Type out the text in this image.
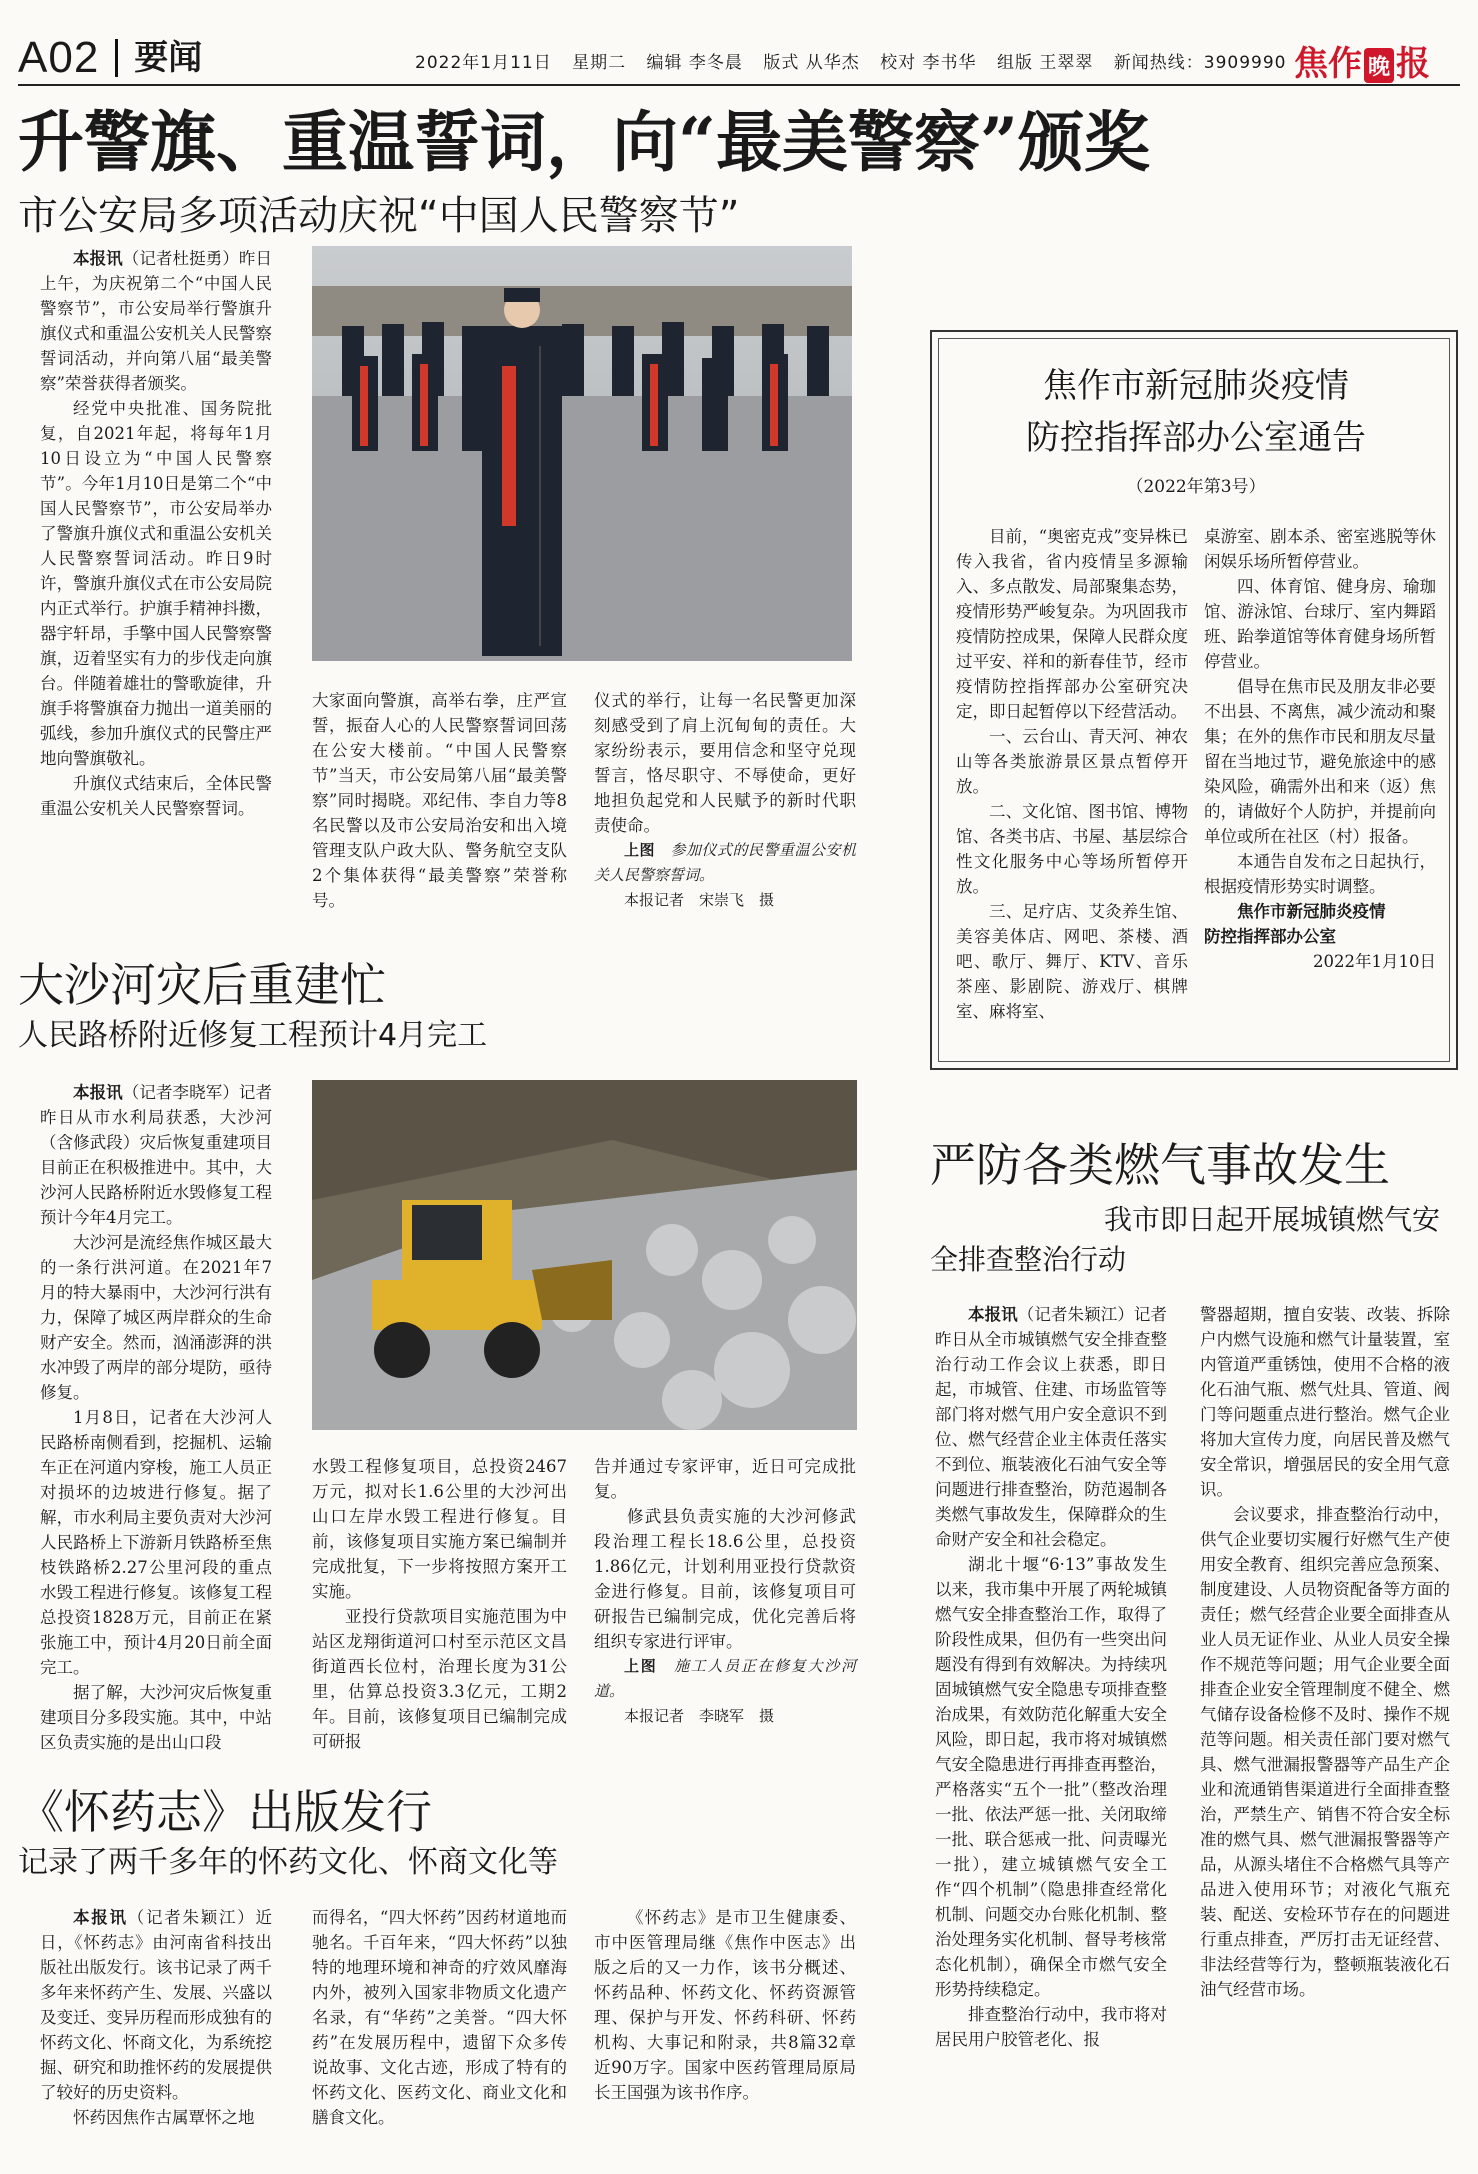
A02	要闻	2022年1月11日 星期二 编辑 李冬晨 版式 从华杰 校对 李书华 组版 王翠翠 新闻热线：3909990 焦作 晚 报
升警旗、重温誓词，向“最美警察”颁奖
市公安局多项活动庆祝“中国人民警察节”

本报讯（记者杜挺勇）昨日上午，为庆祝第二个“中国人民警察节”，市公安局举行警旗升旗仪式和重温公安机关人民警察誓词活动，并向第八届“最美警察”荣誉获得者颁奖。

经党中央批准、国务院批复，自2021年起，将每年1月10日设立为“中国人民警察节”。今年1月10日是第二个“中国人民警察节”，市公安局举办了警旗升旗仪式和重温公安机关人民警察誓词活动。昨日9时许，警旗升旗仪式在市公安局院内正式举行。护旗手精神抖擞，器宇轩昂，手擎中国人民警察警旗，迈着坚实有力的步伐走向旗台。伴随着雄壮的警歌旋律，升旗手将警旗奋力抛出一道美丽的弧线，参加升旗仪式的民警庄严地向警旗敬礼。

升旗仪式结束后，全体民警重温公安机关人民警察誓词。

大家面向警旗，高举右拳，庄严宣誓，振奋人心的人民警察誓词回荡在公安大楼前。“中国人民警察节”当天，市公安局第八届“最美警察”同时揭晓。邓纪伟、李自力等8名民警以及市公安局治安和出入境管理支队户政大队、警务航空支队2个集体获得“最美警察”荣誉称号。

仪式的举行，让每一名民警更加深刻感受到了肩上沉甸甸的责任。大家纷纷表示，要用信念和坚守兑现誓言，恪尽职守、不辱使命，更好地担负起党和人民赋予的新时代职责使命。

上图　 参加仪式的民警重温公安机关人民警察誓词。

本报记者　宋崇飞　摄

焦作市新冠肺炎疫情
防控指挥部办公室通告
（2022年第3号）

目前，“奥密克戎”变异株已传入我省，省内疫情呈多源输入、多点散发、局部聚集态势，疫情形势严峻复杂。为巩固我市疫情防控成果，保障人民群众度过平安、祥和的新春佳节，经市疫情防控指挥部办公室研究决定，即日起暂停以下经营活动。

一、云台山、青天河、神农山等各类旅游景区景点暂停开放。

二、文化馆、图书馆、博物馆、各类书店、书屋、基层综合性文化服务中心等场所暂停开放。

三、足疗店、艾灸养生馆、美容美体店、网吧、茶楼、酒吧、歌厅、舞厅、KTV、音乐茶座、影剧院、游戏厅、棋牌室、麻将室、

桌游室、剧本杀、密室逃脱等休闲娱乐场所暂停营业。

四、体育馆、健身房、瑜珈馆、游泳馆、台球厅、室内舞蹈班、跆拳道馆等体育健身场所暂停营业。

倡导在焦市民及朋友非必要不出县、不离焦，减少流动和聚集；在外的焦作市民和朋友尽量留在当地过节，避免旅途中的感染风险，确需外出和来（返）焦的，请做好个人防护，并提前向单位或所在社区（村）报备。

本通告自发布之日起执行，根据疫情形势实时调整。

焦作市新冠肺炎疫情

防控指挥部办公室

2022年1月10日

大沙河灾后重建忙
人民路桥附近修复工程预计4月完工

本报讯（记者李晓军）记者昨日从市水利局获悉，大沙河（含修武段）灾后恢复重建项目目前正在积极推进中。其中，大沙河人民路桥附近水毁修复工程预计今年4月完工。

大沙河是流经焦作城区最大的一条行洪河道。在2021年7月的特大暴雨中，大沙河行洪有力，保障了城区两岸群众的生命财产安全。然而，汹涌澎湃的洪水冲毁了两岸的部分堤防，亟待修复。

1月8日，记者在大沙河人民路桥南侧看到，挖掘机、运输车正在河道内穿梭，施工人员正对损坏的边坡进行修复。据了解，市水利局主要负责对大沙河人民路桥上下游新月铁路桥至焦枝铁路桥2.27公里河段的重点水毁工程进行修复。该修复工程总投资1828万元，目前正在紧张施工中，预计4月20日前全面完工。

据了解，大沙河灾后恢复重建项目分多段实施。其中，中站区负责实施的是出山口段

水毁工程修复项目，总投资2467万元，拟对长1.6公里的大沙河出山口左岸水毁工程进行修复。目前，该修复项目实施方案已编制并完成批复，下一步将按照方案开工实施。

亚投行贷款项目实施范围为中站区龙翔街道河口村至示范区文昌街道西长位村，治理长度为31公里，估算总投资3.3亿元，工期2年。目前，该修复项目已编制完成可研报

告并通过专家评审，近日可完成批复。

修武县负责实施的大沙河修武段治理工程长18.6公里，总投资1.86亿元，计划利用亚投行贷款资金进行修复。目前，该修复项目可研报告已编制完成，优化完善后将组织专家进行评审。

上图　 施工人员正在修复大沙河道。

本报记者　李晓军　摄

严防各类燃气事故发生
我市即日起开展城镇燃气安
全排查整治行动

本报讯（记者朱颖江）记者昨日从全市城镇燃气安全排查整治行动工作会议上获悉，即日起，市城管、住建、市场监管等部门将对燃气用户安全意识不到位、燃气经营企业主体责任落实不到位、瓶装液化石油气安全等问题进行排查整治，防范遏制各类燃气事故发生，保障群众的生命财产安全和社会稳定。

湖北十堰“6·13”事故发生以来，我市集中开展了两轮城镇燃气安全排查整治工作，取得了阶段性成果，但仍有一些突出问题没有得到有效解决。为持续巩固城镇燃气安全隐患专项排查整治成果，有效防范化解重大安全风险，即日起，我市将对城镇燃气安全隐患进行再排查再整治，严格落实“五个一批”（整改治理一批、依法严惩一批、关闭取缔一批、联合惩戒一批、问责曝光一批），建立城镇燃气安全工作“四个机制”（隐患排查经常化机制、问题交办台账化机制、整治处理务实化机制、督导考核常态化机制），确保全市燃气安全形势持续稳定。

排查整治行动中，我市将对居民用户胶管老化、报

警器超期，擅自安装、改装、拆除户内燃气设施和燃气计量装置，室内管道严重锈蚀，使用不合格的液化石油气瓶、燃气灶具、管道、阀门等问题重点进行整治。燃气企业将加大宣传力度，向居民普及燃气安全常识，增强居民的安全用气意识。

会议要求，排查整治行动中，供气企业要切实履行好燃气生产使用安全教育、组织完善应急预案、制度建设、人员物资配备等方面的责任；燃气经营企业要全面排查从业人员无证作业、从业人员安全操作不规范等问题；用气企业要全面排查企业安全管理制度不健全、燃气储存设备检修不及时、操作不规范等问题。相关责任部门要对燃气具、燃气泄漏报警器等产品生产企业和流通销售渠道进行全面排查整治，严禁生产、销售不符合安全标准的燃气具、燃气泄漏报警器等产品，从源头堵住不合格燃气具等产品进入使用环节；对液化气瓶充装、配送、安检环节存在的问题进行重点排查，严厉打击无证经营、非法经营等行为，整顿瓶装液化石油气经营市场。

《怀药志》出版发行
记录了两千多年的怀药文化、怀商文化等

本报讯（记者朱颖江）近日，《怀药志》由河南省科技出版社出版发行。该书记录了两千多年来怀药产生、发展、兴盛以及变迁、变异历程而形成独有的怀药文化、怀商文化，为系统挖掘、研究和助推怀药的发展提供了较好的历史资料。

怀药因焦作古属覃怀之地

而得名，“四大怀药”因药材道地而驰名。千百年来，“四大怀药”以独特的地理环境和神奇的疗效风靡海内外，被列入国家非物质文化遗产名录，有“华药”之美誉。“四大怀药”在发展历程中，遗留下众多传说故事、文化古迹，形成了特有的怀药文化、医药文化、商业文化和膳食文化。

《怀药志》是市卫生健康委、市中医管理局继《焦作中医志》出版之后的又一力作，该书分概述、怀药品种、怀药文化、怀药资源管理、保护与开发、怀药科研、怀药机构、大事记和附录，共8篇32章近90万字。国家中医药管理局原局长王国强为该书作序。
